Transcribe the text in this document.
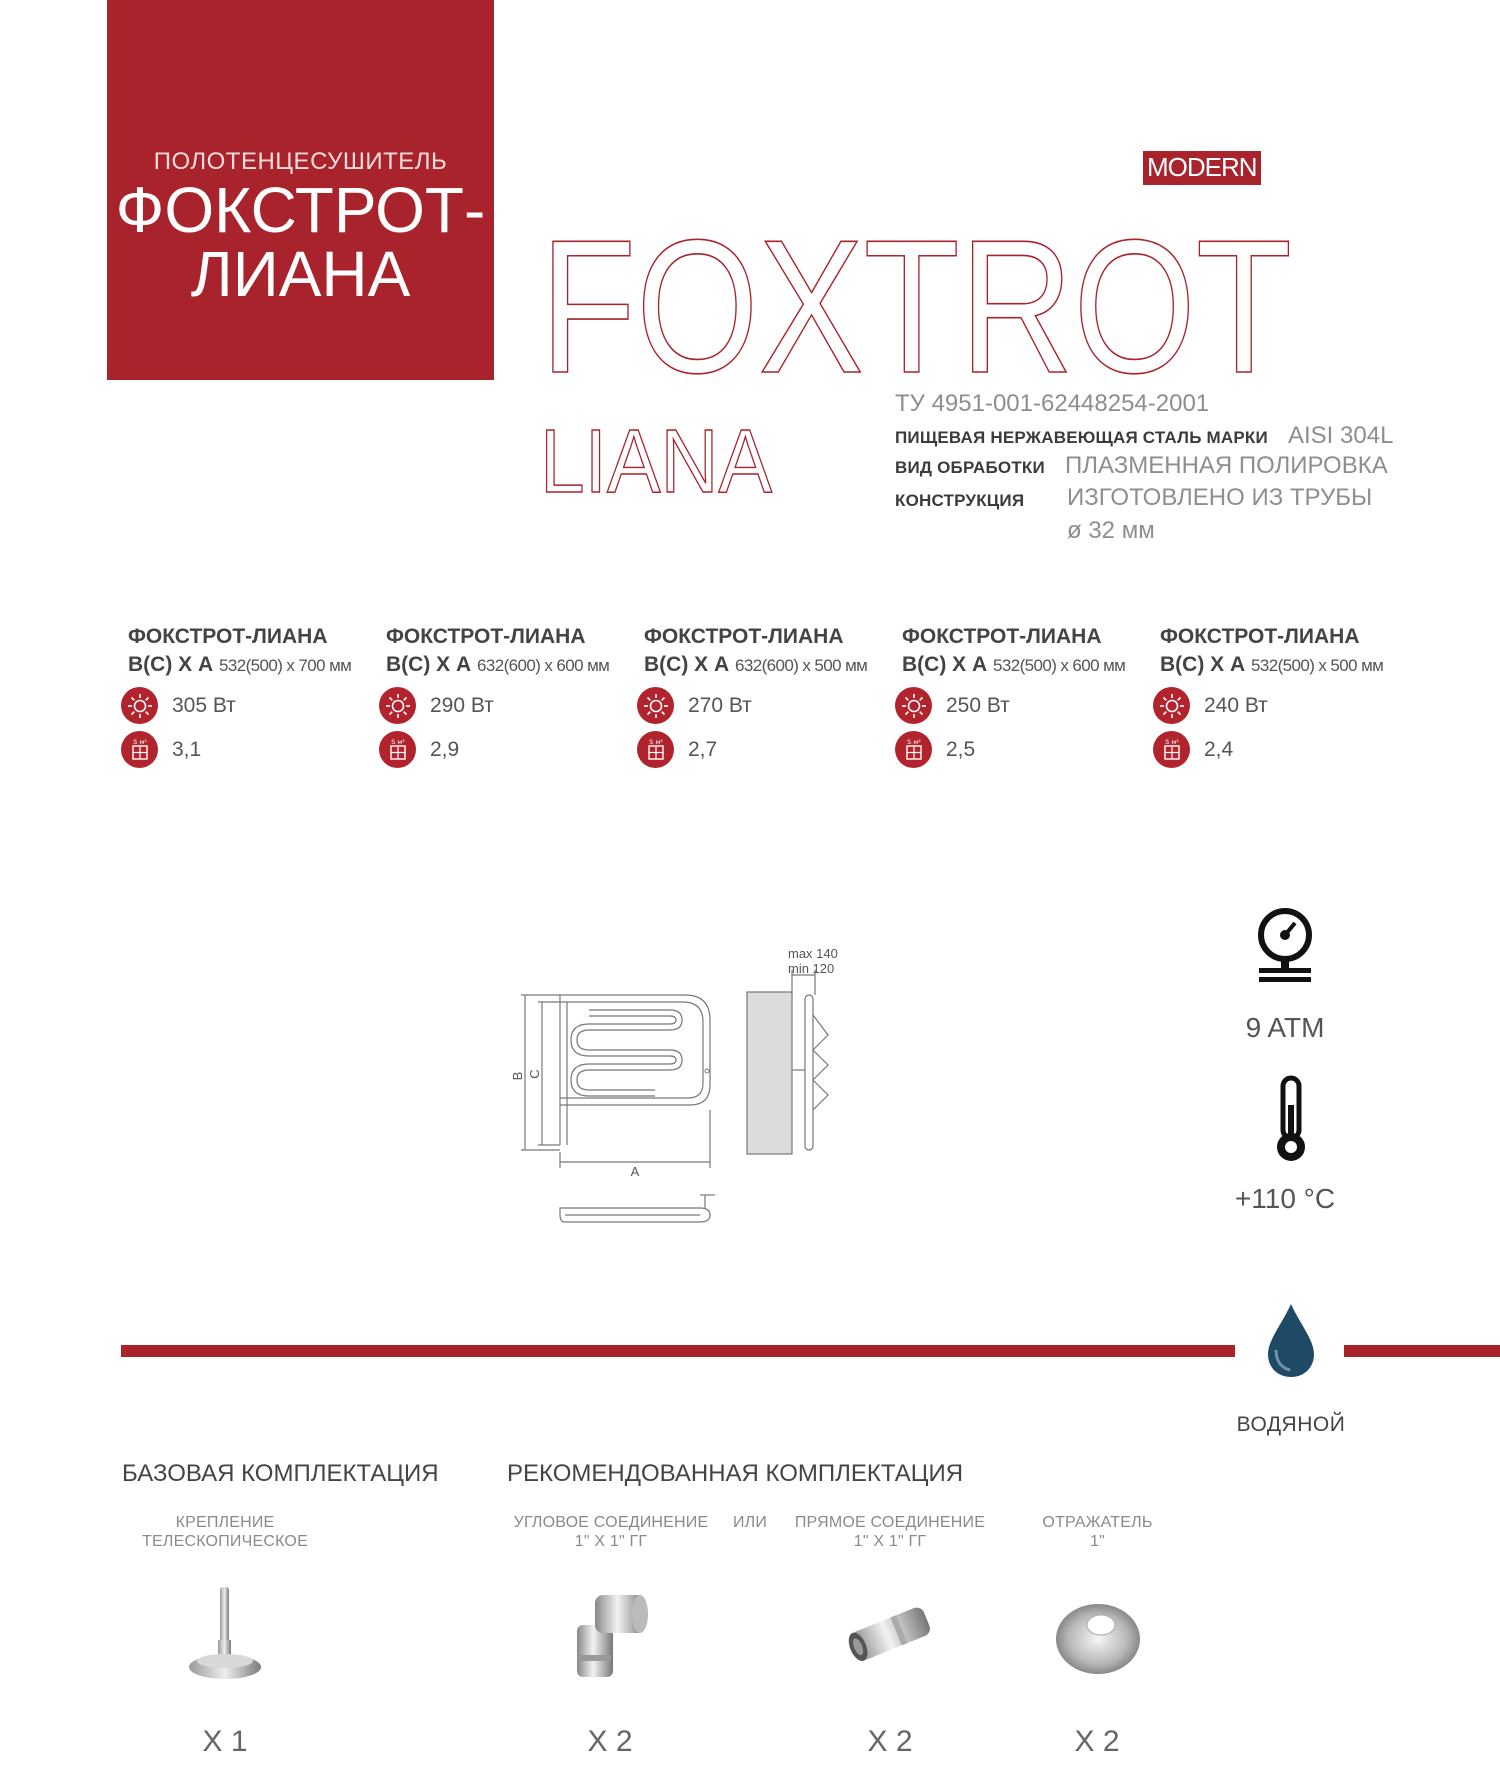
ПОЛОТЕНЦЕСУШИТЕЛЬ
ФОКСТРОТ-
ЛИАНА
MODERN
FOXTROT
LIANA
ТУ 4951-001-62448254-2001
ПИЩЕВАЯ НЕРЖАВЕЮЩАЯ СТАЛЬ МАРКИ AISI 304L
ВИД ОБРАБОТКИ ПЛАЗМЕННАЯ ПОЛИРОВКА
КОНСТРУКЦИЯ ИЗГОТОВЛЕНО ИЗ ТРУБЫ
ø 32 мм
ФОКСТРОТ-ЛИАНА
В(С) Х А 532(500) х 700 мм
305 Вт
S м² 3,1
ФОКСТРОТ-ЛИАНА
В(С) Х А 632(600) х 600 мм
290 Вт
S м² 2,9
ФОКСТРОТ-ЛИАНА
В(С) Х А 632(600) х 500 мм
270 Вт
S м² 2,7
ФОКСТРОТ-ЛИАНА
В(С) Х А 532(500) х 600 мм
250 Вт
S м² 2,5
ФОКСТРОТ-ЛИАНА
В(С) Х А 532(500) х 500 мм
240 Вт
S м² 2,4
max 140
min 120
B C
A
9 ATM
+110 °C
ВОДЯНОЙ
БАЗОВАЯ КОМПЛЕКТАЦИЯ	РЕКОМЕНДОВАННАЯ КОМПЛЕКТАЦИЯ
КРЕПЛЕНИЕ
ТЕЛЕСКОПИЧЕСКОЕ
Х 1
УГЛОВОЕ СОЕДИНЕНИЕ
1" Х 1" ГГ
ИЛИ
Х 2
ПРЯМОЕ СОЕДИНЕНИЕ
1" Х 1" ГГ
Х 2
ОТРАЖАТЕЛЬ
1"
Х 2
